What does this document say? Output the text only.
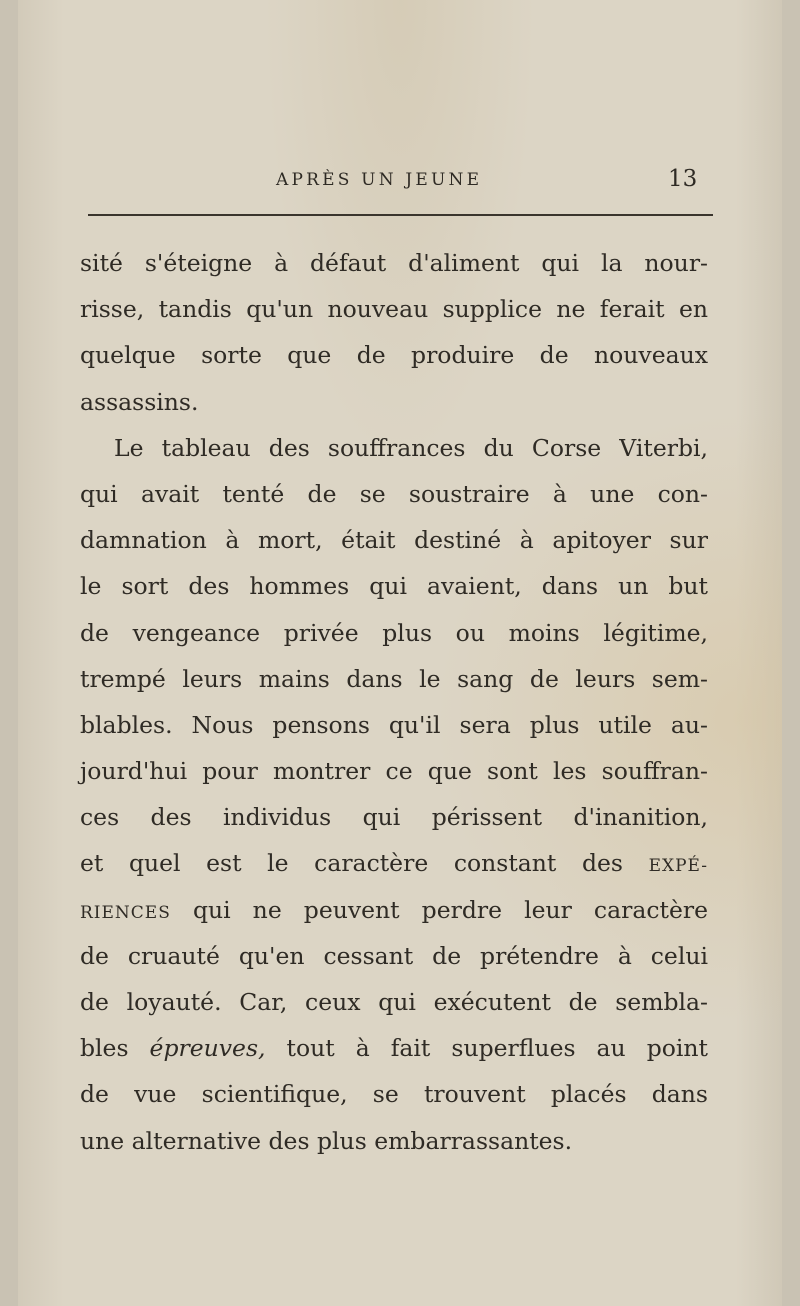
APRÈS UN JEUNE	13
sité s'éteigne à défaut d'aliment qui la nour-
risse, tandis qu'un nouveau supplice ne ferait en
quelque sorte que de produire de nouveaux
assassins.
Le tableau des souffrances du Corse Viterbi,
qui avait tenté de se soustraire à une con-
damnation à mort, était destiné à apitoyer sur
le sort des hommes qui avaient, dans un but
de vengeance privée plus ou moins légitime,
trempé leurs mains dans le sang de leurs sem-
blables. Nous pensons qu'il sera plus utile au-
jourd'hui pour montrer ce que sont les souffran-
ces des individus qui périssent d'inanition,
et quel est le caractère constant des EXPÉ-
RIENCES qui ne peuvent perdre leur caractère
de cruauté qu'en cessant de prétendre à celui
de loyauté. Car, ceux qui exécutent de sembla-
bles épreuves, tout à fait superflues au point
de vue scientifique, se trouvent placés dans
une alternative des plus embarrassantes.
